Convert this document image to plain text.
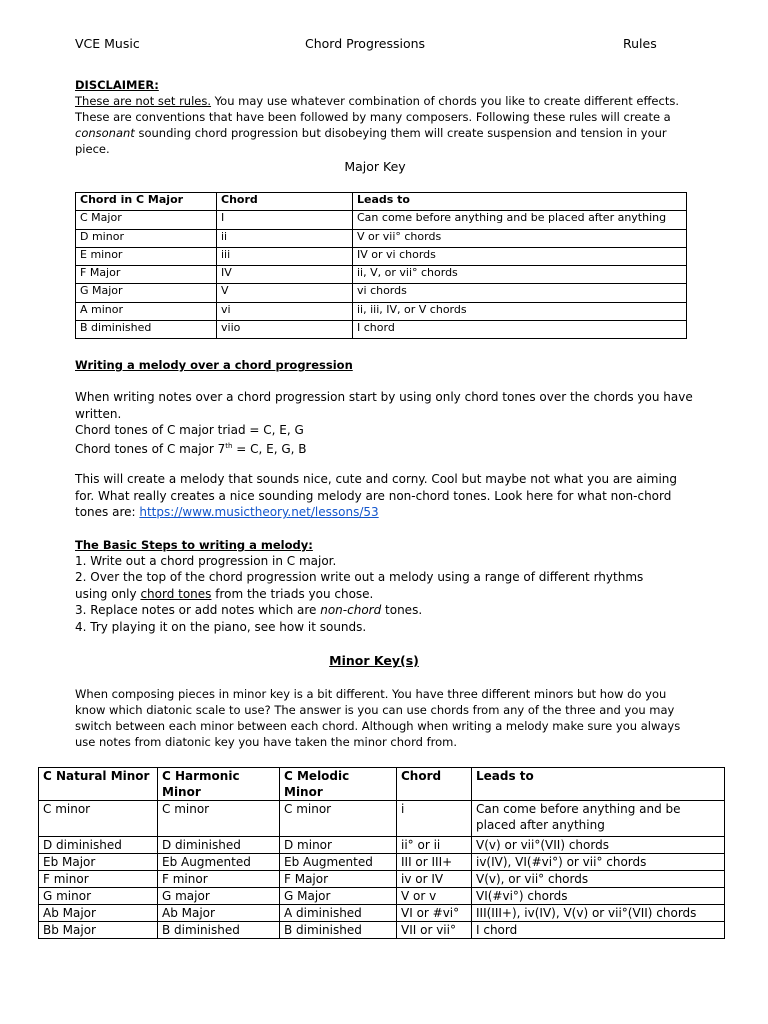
VCE Music	Chord Progressions	Rules
DISCLAIMER:
These are not set rules. You may use whatever combination of chords you like to create different effects. These are conventions that have been followed by many composers. Following these rules will create a consonant sounding chord progression but disobeying them will create suspension and tension in your piece.
Major Key
Chord in C Major	Chord	Leads to
C Major	I	Can come before anything and be placed after anything
D minor	ii	V or vii° chords
E minor	iii	IV or vi chords
F Major	IV	ii, V, or vii° chords
G Major	V	vi chords
A minor	vi	ii, iii, IV, or V chords
B diminished	viio	I chord
Writing a melody over a chord progression
When writing notes over a chord progression start by using only chord tones over the chords you have written.
Chord tones of C major triad = C, E, G
Chord tones of C major 7th = C, E, G, B
This will create a melody that sounds nice, cute and corny. Cool but maybe not what you are aiming for. What really creates a nice sounding melody are non-chord tones. Look here for what non-chord tones are: https://www.musictheory.net/lessons/53
The Basic Steps to writing a melody:
1. Write out a chord progression in C major.
2. Over the top of the chord progression write out a melody using a range of different rhythms using only chord tones from the triads you chose.
3. Replace notes or add notes which are non-chord tones.
4. Try playing it on the piano, see how it sounds.
Minor Key(s)
When composing pieces in minor key is a bit different. You have three different minors but how do you know which diatonic scale to use? The answer is you can use chords from any of the three and you may switch between each minor between each chord. Although when writing a melody make sure you always use notes from diatonic key you have taken the minor chord from.
C Natural Minor	C Harmonic Minor	C Melodic Minor	Chord	Leads to
C minor	C minor	C minor	i	Can come before anything and be placed after anything
D diminished	D diminished	D minor	ii° or ii	V(v) or vii°(VII) chords
Eb Major	Eb Augmented	Eb Augmented	III or III+	iv(IV), VI(#vi°) or vii° chords
F minor	F minor	F Major	iv or IV	V(v), or vii° chords
G minor	G major	G Major	V or v	VI(#vi°) chords
Ab Major	Ab Major	A diminished	VI or #vi°	III(III+), iv(IV), V(v) or vii°(VII) chords
Bb Major	B diminished	B diminished	VII or vii°	I chord
